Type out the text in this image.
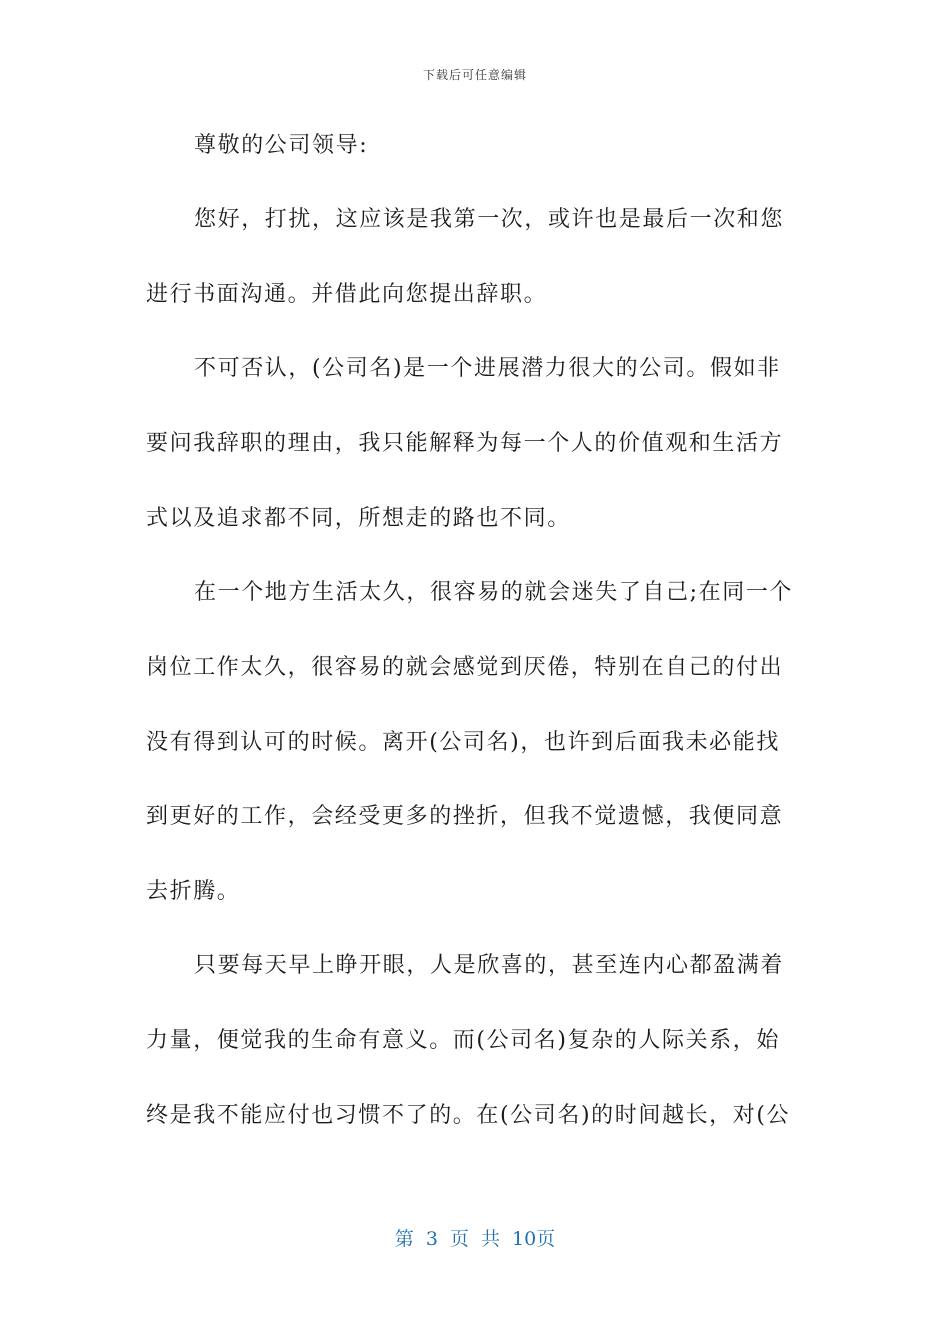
下载后可任意编辑
尊敬的公司领导:
您好，打扰，这应该是我第一次，或许也是最后一次和您
进行书面沟通。并借此向您提出辞职。
不可否认，(公司名)是一个进展潜力很大的公司。假如非
要问我辞职的理由，我只能解释为每一个人的价值观和生活方
式以及追求都不同，所想走的路也不同。
在一个地方生活太久，很容易的就会迷失了自己;在同一个
岗位工作太久，很容易的就会感觉到厌倦，特别在自己的付出
没有得到认可的时候。离开(公司名)，也许到后面我未必能找
到更好的工作，会经受更多的挫折，但我不觉遗憾，我便同意
去折腾。
只要每天早上睁开眼，人是欣喜的，甚至连内心都盈满着
力量，便觉我的生命有意义。而(公司名)复杂的人际关系，始
终是我不能应付也习惯不了的。在(公司名)的时间越长，对(公
第 3 页 共 10页
